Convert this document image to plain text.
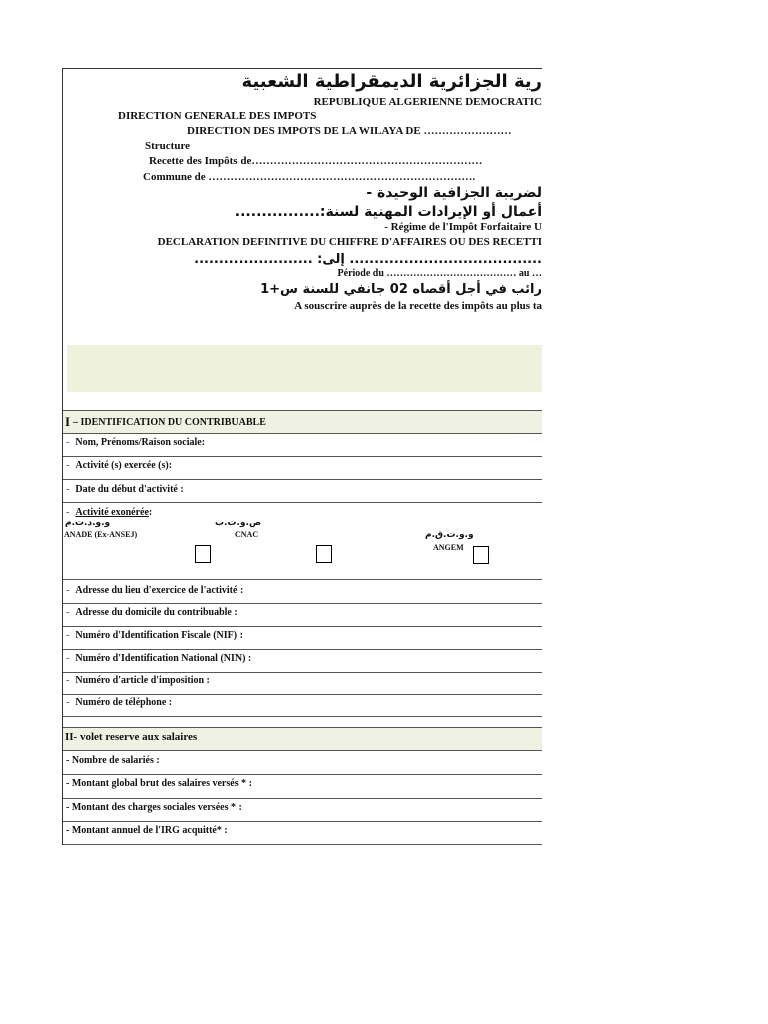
رية الجزائرية الديمقراطية الشعبية
REPUBLIQUE ALGERIENNE DEMOCRATIC
DIRECTION GENERALE DES IMPOTS
DIRECTION DES IMPOTS DE LA WILAYA DE ……………………
Structure
Recette des Impôts de………………………………………………………
Commune de ……………………………………………………………….
لضريبة الجزافية الوحيدة -
أعمال أو الإيرادات المهنية لسنة:................
- Régime de l'Impôt Forfaitaire U
DECLARATION DEFINITIVE DU CHIFFRE D'AFFAIRES OU DES RECETTI
....................................... إلى: ........................
Période du ………………………………… au …
رائب في أجل أقصاه 02 جانفي للسنة س+1
A souscrire auprès de la recette des impôts au plus ta
I – IDENTIFICATION DU CONTRIBUABLE
- Nom, Prénoms/Raison sociale:
- Activité (s) exercée (s):
- Date du début d'activité :
- Activité exonérée:
و.و.د.ت.م
ANADE (Ex-ANSEJ)
ص.و.ت.ب
CNAC	و.و.ت.ق.م
ANGEM
- Adresse du lieu d'exercice de l'activité :
- Adresse du domicile du contribuable :
- Numéro d'Identification Fiscale (NIF) :
- Numéro d'Identification National (NIN) :
- Numéro d'article d'imposition :
- Numéro de téléphone :
II- volet reserve aux salaires
- Nombre de salariés :
- Montant global brut des salaires versés * :
- Montant des charges sociales versées * :
- Montant annuel de l'IRG acquitté* :
